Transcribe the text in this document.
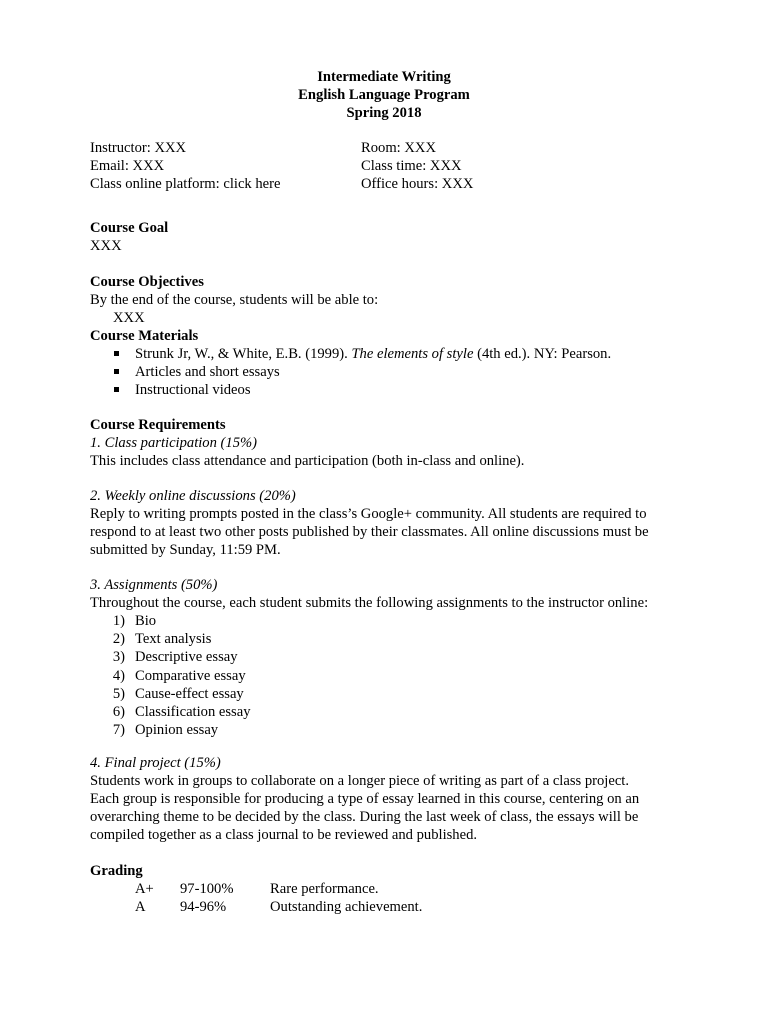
Intermediate Writing
English Language Program
Spring 2018
Instructor: XXX	Room: XXX
Email: XXX	Class time: XXX
Class online platform: click here	Office hours: XXX
Course Goal
XXX
Course Objectives
By the end of the course, students will be able to:
XXX
Course Materials
Strunk Jr, W., & White, E.B. (1999). The elements of style (4th ed.). NY: Pearson.
Articles and short essays
Instructional videos
Course Requirements
1. Class participation (15%)
This includes class attendance and participation (both in-class and online).
2. Weekly online discussions (20%)
Reply to writing prompts posted in the class’s Google+ community. All students are required to
respond to at least two other posts published by their classmates. All online discussions must be
submitted by Sunday, 11:59 PM.
3. Assignments (50%)
Throughout the course, each student submits the following assignments to the instructor online:
1) Bio
2) Text analysis
3) Descriptive essay
4) Comparative essay
5) Cause-effect essay
6) Classification essay
7) Opinion essay
4. Final project (15%)
Students work in groups to collaborate on a longer piece of writing as part of a class project.
Each group is responsible for producing a type of essay learned in this course, centering on an
overarching theme to be decided by the class. During the last week of class, the essays will be
compiled together as a class journal to be reviewed and published.
Grading
A+	97-100%	Rare performance.
A	94-96%	Outstanding achievement.
